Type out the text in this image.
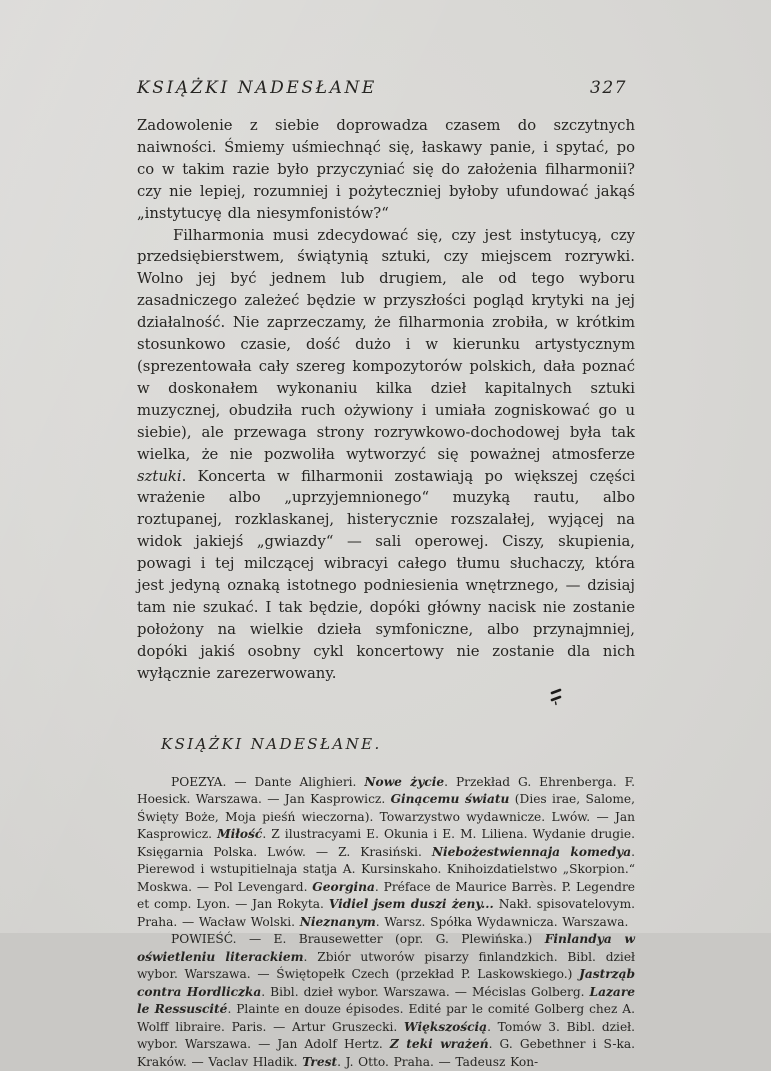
KSIĄŻKI NADESŁANE	327

Zadowolenie z siebie doprowadza czasem do szczytnych naiwności. Śmiemy uśmiechnąć się, łaskawy panie, i spytać, po co w takim razie było przyczyniać się do założenia filharmonii? czy nie lepiej, rozumniej i pożyteczniej byłoby ufundować jakąś „instytucyę dla niesymfonistów?“

Filharmonia musi zdecydować się, czy jest instytucyą, czy przedsiębierstwem, świątynią sztuki, czy miejscem rozrywki. Wolno jej być jednem lub drugiem, ale od tego wyboru zasadniczego zależeć będzie w przyszłości pogląd krytyki na jej działalność. Nie zaprzeczamy, że filharmonia zrobiła, w krótkim stosunkowo czasie, dość dużo i w kierunku artystycznym (sprezentowała cały szereg kompozytorów polskich, dała poznać w doskonałem wykonaniu kilka dzieł kapitalnych sztuki muzycznej, obudziła ruch ożywiony i umiała zogniskować go u siebie), ale przewaga strony rozrywkowo-dochodowej była tak wielka, że nie pozwoliła wytworzyć się poważnej atmosferze sztuki. Koncerta w filharmonii zostawiają po większej części wrażenie albo „uprzyjemnionego“ muzyką rautu, albo roztupanej, rozklaskanej, histerycznie rozszalałej, wyjącej na widok jakiejś „gwiazdy“ — sali operowej. Ciszy, skupienia, powagi i tej milczącej wibracyi całego tłumu słuchaczy, która jest jedyną oznaką istotnego podniesienia wnętrznego, — dzisiaj tam nie szukać. I tak będzie, dopóki główny nacisk nie zostanie położony na wielkie dzieła symfoniczne, albo przynajmniej, dopóki jakiś osobny cykl koncertowy nie zostanie dla nich wyłącznie zarezerwowany.

KSIĄŻKI NADESŁANE.

POEZYA. — Dante Alighieri. Nowe życie. Przekład G. Ehrenberga. F. Hoesick. Warszawa. — Jan Kasprowicz. Ginącemu światu (Dies irae, Salome, Święty Boże, Moja pieśń wieczorna). Towarzystwo wydawnicze. Lwów. — Jan Kasprowicz. Miłość. Z ilustracyami E. Okunia i E. M. Liliena. Wydanie drugie. Księgarnia Polska. Lwów. — Z. Krasiński. Niebożestwiennaja komedya. Pierewod i wstupitielnaja statja A. Kursinskaho. Knihoizdatielstwo „Skorpion.“ Moskwa. — Pol Levengard. Georgina. Préface de Maurice Barrès. P. Legendre et comp. Lyon. — Jan Rokyta. Vidiel jsem duszi żeny... Nakł. spisovatelovym. Praha. — Wacław Wolski. Nieznanym. Warsz. Spółka Wydawnicza. Warszawa.

POWIEŚĆ. — E. Brausewetter (opr. G. Plewińska.) Finlandya w oświetleniu literackiem. Zbiór utworów pisarzy finlandzkich. Bibl. dzieł wybor. Warszawa. — Świętopełk Czech (przekład P. Laskowskiego.) Jastrząb contra Hordliczka. Bibl. dzieł wybor. Warszawa. — Mécislas Golberg. Lazare le Ressuscité. Plainte en douze épisodes. Edité par le comité Golberg chez A. Wolff libraire. Paris. — Artur Gruszecki. Większością. Tomów 3. Bibl. dzieł. wybor. Warszawa. — Jan Adolf Hertz. Z teki wrażeń. G. Gebethner i S-ka. Kraków. — Vaclav Hladik. Trest. J. Otto. Praha. — Tadeusz Kon-
